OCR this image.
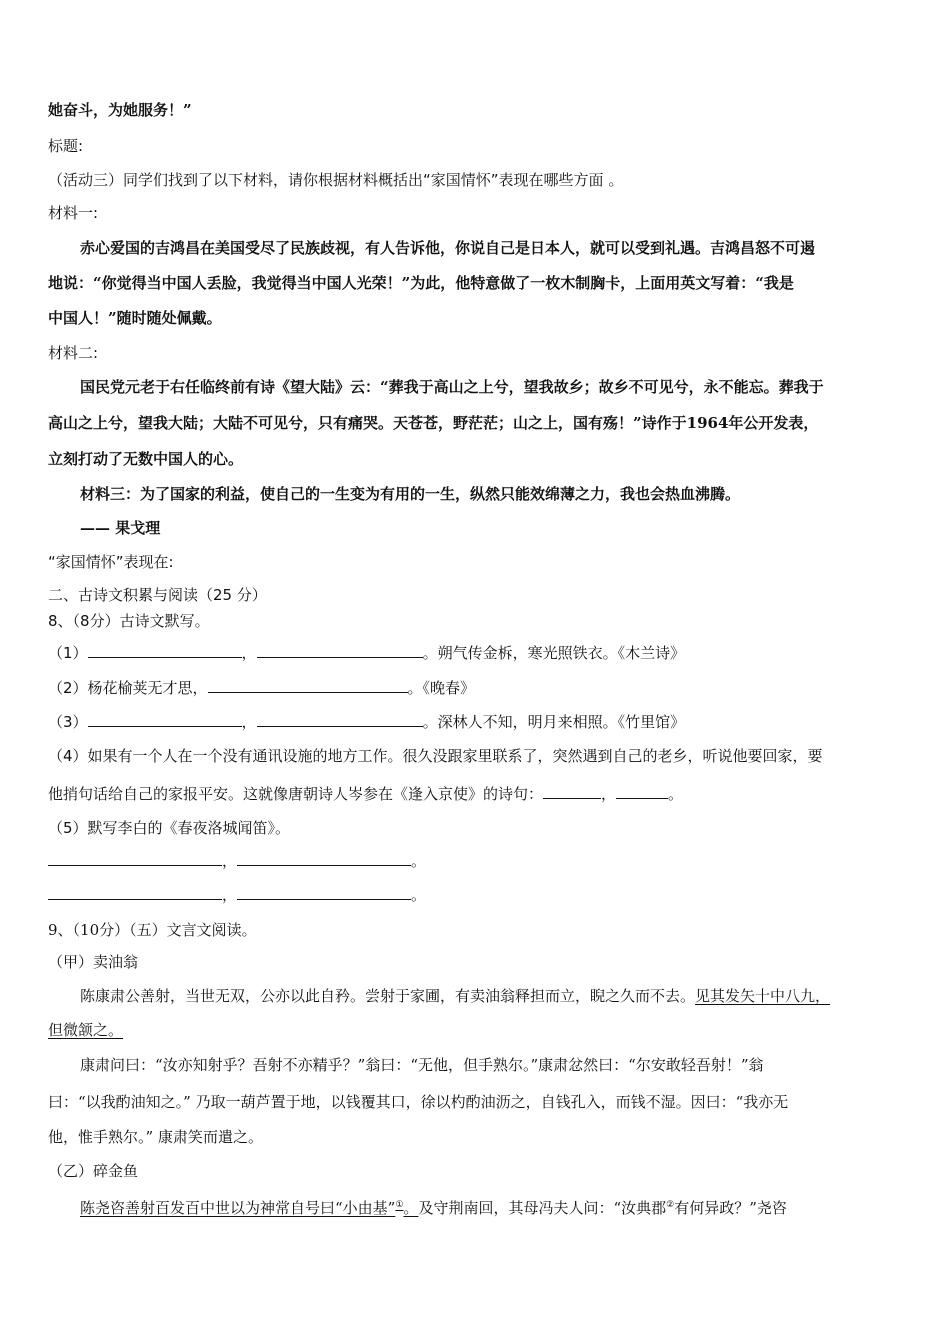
她奋斗，为她服务！”
标题:
（活动三）同学们找到了以下材料，请你根据材料概括出“家国情怀”表现在哪些方面 。
材料一:
赤心爱国的吉鸿昌在美国受尽了民族歧视，有人告诉他，你说自己是日本人，就可以受到礼遇。吉鸿昌怒不可遏
地说：“你觉得当中国人丢脸，我觉得当中国人光荣！”为此，他特意做了一枚木制胸卡，上面用英文写着：“我是
中国人！”随时随处佩戴。
材料二:
国民党元老于右任临终前有诗《望大陆》云：“葬我于高山之上兮，望我故乡；故乡不可见兮，永不能忘。葬我于
高山之上兮，望我大陆；大陆不可见兮，只有痛哭。天苍苍，野茫茫；山之上，国有殇！”诗作于1964年公开发表，
立刻打动了无数中国人的心。
材料三：为了国家的利益，使自己的一生变为有用的一生，纵然只能效绵薄之力，我也会热血沸腾。
—— 果戈理
“家国情怀”表现在:
二、古诗文积累与阅读（25 分）
8、（8分）古诗文默写。
（1）	，	。朔气传金柝，寒光照铁衣。《木兰诗》
（2）杨花榆荚无才思，	。《晚春》
（3）	，	。深林人不知，明月来相照。《竹里馆》
（4）如果有一个人在一个没有通讯设施的地方工作。很久没跟家里联系了，突然遇到自己的老乡，听说他要回家，要
他捎句话给自己的家报平安。这就像唐朝诗人岑参在《逢入京使》的诗句：	，	。
（5）默写李白的《春夜洛城闻笛》。
，	。
，	。
9、（10分）（五）文言文阅读。
（甲）卖油翁
陈康肃公善射，当世无双，公亦以此自矜。尝射于家圃，有卖油翁释担而立，睨之久而不去。见其发矢十中八九，
但微颔之。
康肃问曰：“汝亦知射乎？吾射不亦精乎？”翁曰：“无他，但手熟尔。”康肃忿然曰：“尔安敢轻吾射！”翁
曰：“以我酌油知之。” 乃取一葫芦置于地，以钱覆其口，徐以杓酌油沥之，自钱孔入，而钱不湿。因曰：“我亦无
他，惟手熟尔。” 康肃笑而遣之。
（乙）碎金鱼
陈尧咨善射百发百中世以为神常自号曰“小由基”①。及守荆南回，其母冯夫人问：“汝典郡②有何异政？”尧咨
